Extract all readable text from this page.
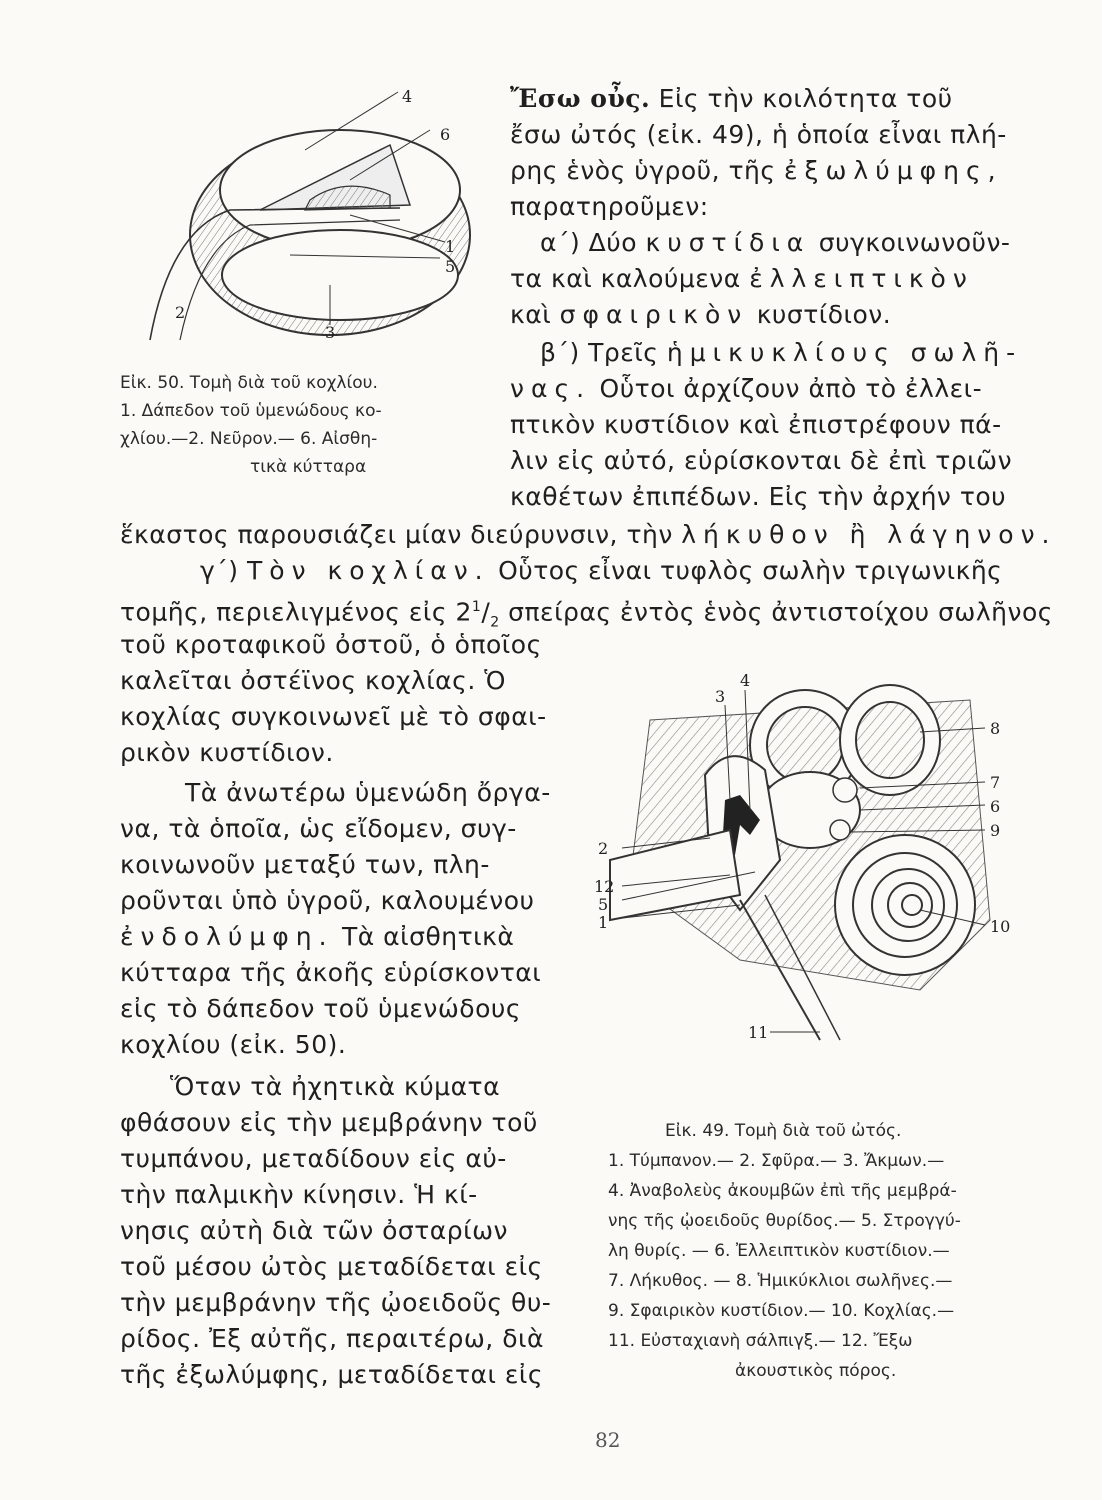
4
6
1
5
2
3
Εἰκ. 50. Τομὴ διὰ τοῦ κοχλίου.
1. Δάπεδον τοῦ ὑμενώδους κο-
χλίου.—2. Νεῦρον.— 6. Αἰσθη-
τικὰ κύτταρα
Ἔσω οὖς. Εἰς τὴν κοιλότητα τοῦ
ἔσω ὠτός (εἰκ. 49), ἡ ὁποία εἶναι πλή-
ρης ἑνὸς ὑγροῦ, τῆς ἐξωλύμφης,
παρατηροῦμεν:
α΄) Δύο κυστίδια συγκοινωνοῦν-
τα καὶ καλούμενα ἐλλειπτικὸν
καὶ σφαιρικὸν κυστίδιον.
β΄) Τρεῖς ἡμικυκλίους σωλῆ-
νας. Οὗτοι ἀρχίζουν ἀπὸ τὸ ἐλλει-
πτικὸν κυστίδιον καὶ ἐπιστρέφουν πά-
λιν εἰς αὐτό, εὑρίσκονται δὲ ἐπὶ τριῶν
καθέτων ἐπιπέδων. Εἰς τὴν ἀρχήν του
ἕκαστος παρουσιάζει μίαν διεύρυνσιν, τὴν λήκυθον ἢ λάγηνον.
γ΄) Τὸν κοχλίαν. Οὗτος εἶναι τυφλὸς σωλὴν τριγωνικῆς
τομῆς, περιελιγμένος εἰς $2^1/_2$ σπείρας ἐντὸς ἑνὸς ἀντιστοίχου σωλῆνος
τοῦ κροταφικοῦ ὀστοῦ, ὁ ὁποῖος
καλεῖται ὀστέϊνος κοχλίας. Ὁ
κοχλίας συγκοινωνεῖ μὲ τὸ σφαι-
ρικὸν κυστίδιον.
Τὰ ἀνωτέρω ὑμενώδη ὄργα-
να, τὰ ὁποῖα, ὡς εἴδομεν, συγ-
κοινωνοῦν μεταξύ των, πλη-
ροῦνται ὑπὸ ὑγροῦ, καλουμένου
ἐνδολύμφη. Τὰ αἰσθητικὰ
κύτταρα τῆς ἀκοῆς εὑρίσκονται
εἰς τὸ δάπεδον τοῦ ὑμενώδους
κοχλίου (εἰκ. 50).
Ὅταν τὰ ἠχητικὰ κύματα
φθάσουν εἰς τὴν μεμβράνην τοῦ
τυμπάνου, μεταδίδουν εἰς αὐ-
τὴν παλμικὴν κίνησιν. Ἡ κί-
νησις αὐτὴ διὰ τῶν ὀσταρίων
τοῦ μέσου ὠτὸς μεταδίδεται εἰς
τὴν μεμβράνην τῆς ᾠοειδοῦς θυ-
ρίδος. Ἐξ αὐτῆς, περαιτέρω, διὰ
τῆς ἐξωλύμφης, μεταδίδεται εἰς
3
4
8
7
6
9
10
2
12
5
1
11
Εἰκ. 49. Τομὴ διὰ τοῦ ὠτός.
1. Τύμπανον.— 2. Σφῦρα.— 3. Ἄκμων.—
4. Ἀναβολεὺς ἀκουμβῶν ἐπὶ τῆς μεμβρά-
νης τῆς ᾠοειδοῦς θυρίδος.— 5. Στρογγύ-
λη θυρίς. — 6. Ἐλλειπτικὸν κυστίδιον.—
7. Λήκυθος. — 8. Ἡμικύκλιοι σωλῆνες.—
9. Σφαιρικὸν κυστίδιον.— 10. Κοχλίας.—
11. Εὐσταχιανὴ σάλπιγξ.— 12. Ἔξω
ἀκουστικὸς πόρος.
82
